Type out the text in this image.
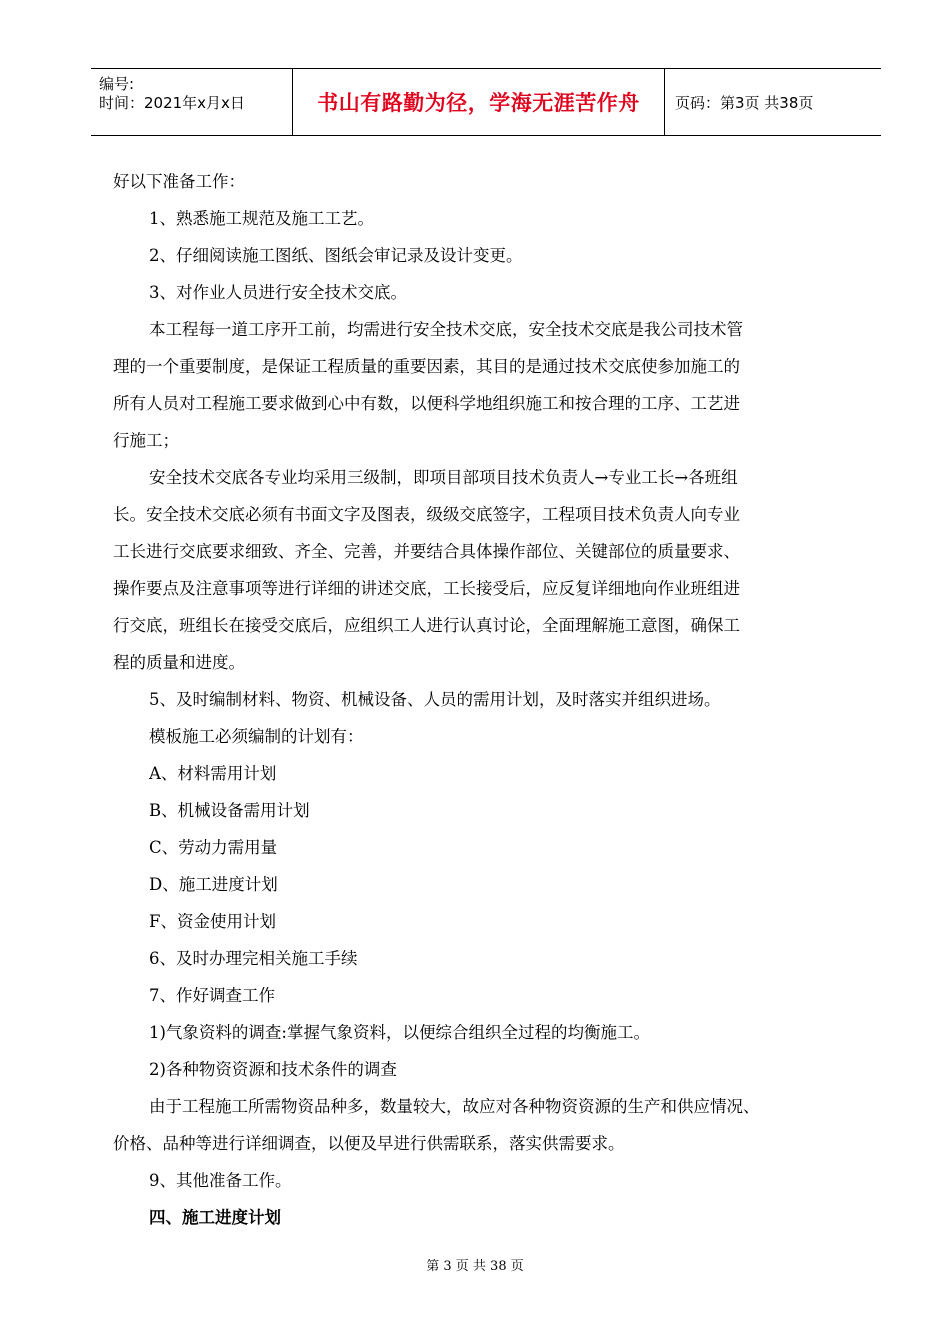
编号:
时间：2021年x月x日	书山有路勤为径，学海无涯苦作舟 页码：第3页 共38页

好以下准备工作：

1、熟悉施工规范及施工工艺。

2、仔细阅读施工图纸、图纸会审记录及设计变更。

3、对作业人员进行安全技术交底。

本工程每一道工序开工前，均需进行安全技术交底，安全技术交底是我公司技术管

理的一个重要制度，是保证工程质量的重要因素，其目的是通过技术交底使参加施工的

所有人员对工程施工要求做到心中有数，以便科学地组织施工和按合理的工序、工艺进

行施工；

安全技术交底各专业均采用三级制，即项目部项目技术负责人→专业工长→各班组

长。安全技术交底必须有书面文字及图表，级级交底签字，工程项目技术负责人向专业

工长进行交底要求细致、齐全、完善，并要结合具体操作部位、关键部位的质量要求、

操作要点及注意事项等进行详细的讲述交底，工长接受后，应反复详细地向作业班组进

行交底，班组长在接受交底后，应组织工人进行认真讨论，全面理解施工意图，确保工

程的质量和进度。

5、及时编制材料、物资、机械设备、人员的需用计划，及时落实并组织进场。

模板施工必须编制的计划有：

A、材料需用计划

B、机械设备需用计划

C、劳动力需用量

D、施工进度计划

F、资金使用计划

6、及时办理完相关施工手续

7、作好调查工作

1)气象资料的调查:掌握气象资料，以便综合组织全过程的均衡施工。

2)各种物资资源和技术条件的调查

由于工程施工所需物资品种多，数量较大，故应对各种物资资源的生产和供应情况、

价格、品种等进行详细调查，以便及早进行供需联系，落实供需要求。

9、其他准备工作。

四、施工进度计划

第 3 页 共 38 页
